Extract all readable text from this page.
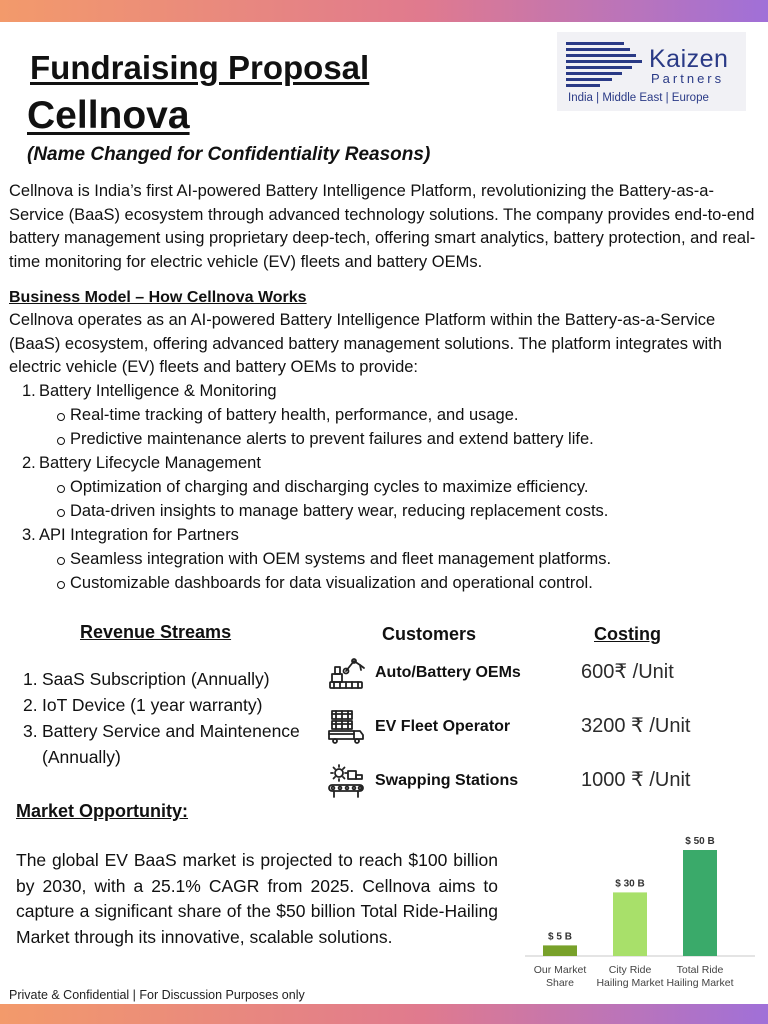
Fundraising Proposal
Cellnova
(Name Changed for Confidentiality Reasons)
Kaizen
Partners
India | Middle East | Europe

Cellnova is India’s first AI-powered Battery Intelligence Platform, revolutionizing the Battery-as-a-Service (BaaS) ecosystem through advanced technology solutions. The company provides end-to-end battery management using proprietary deep-tech, offering smart analytics, battery protection, and real-time monitoring for electric vehicle (EV) fleets and battery OEMs.

Business Model – How Cellnova Works

Cellnova operates as an AI-powered Battery Intelligence Platform within the Battery-as-a-Service (BaaS) ecosystem, offering advanced battery management solutions. The platform integrates with electric vehicle (EV) fleets and battery OEMs to provide:

1. Battery Intelligence & Monitoring
Real-time tracking of battery health, performance, and usage.
Predictive maintenance alerts to prevent failures and extend battery life.
2. Battery Lifecycle Management
Optimization of charging and discharging cycles to maximize efficiency.
Data-driven insights to manage battery wear, reducing replacement costs.
3. API Integration for Partners
Seamless integration with OEM systems and fleet management platforms.
Customizable dashboards for data visualization and operational control.
Revenue Streams
1. SaaS Subscription (Annually)
2. IoT Device (1 year warranty)
3. Battery Service and Maintenence (Annually)
Customers	Costing
Auto/Battery OEMs	600₹ /Unit
EV Fleet Operator	3200 ₹ /Unit
Swapping Stations	1000 ₹ /Unit
Market Opportunity:

The global EV BaaS market is projected to reach $100 billion by 2030, with a 25.1% CAGR from 2025. Cellnova aims to capture a significant share of the $50 billion Total Ride-Hailing Market through its innovative, scalable solutions.	$ 5 B
Our Market
Share
$ 30 B
City Ride
Hailing Market
$ 50 B
Total Ride
Hailing Market
Private & Confidential | For Discussion Purposes only
